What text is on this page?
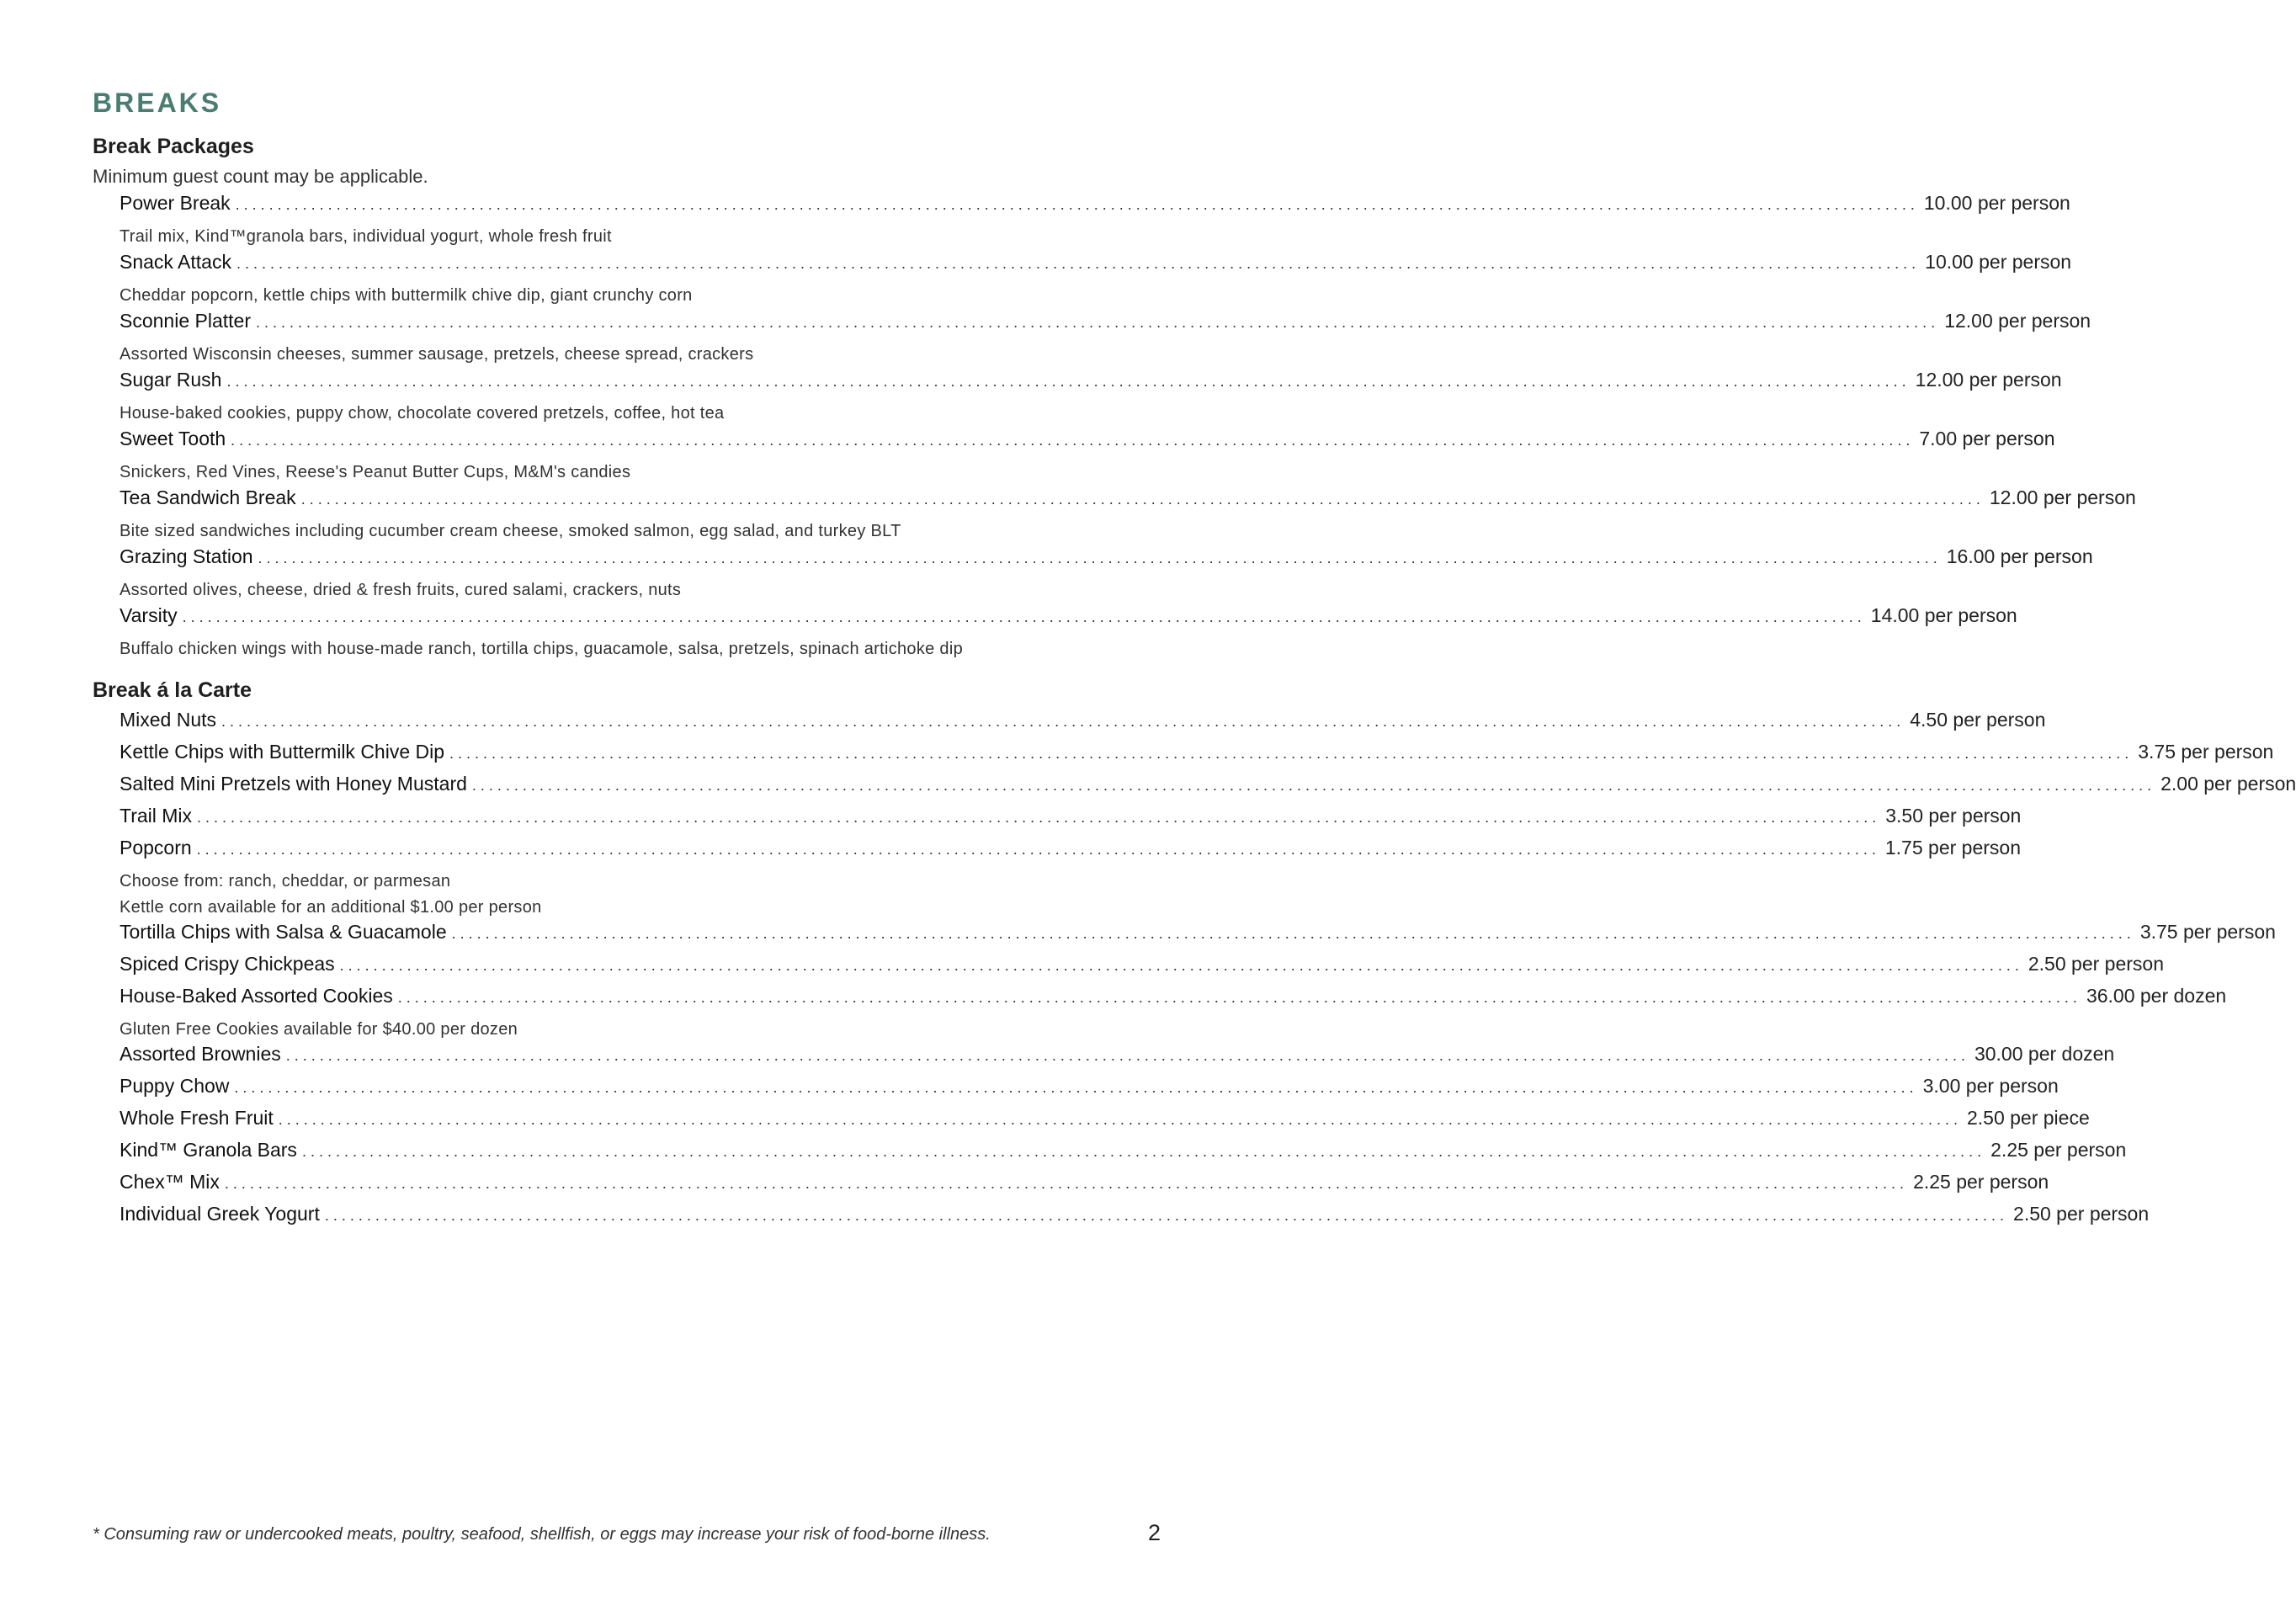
BREAKS
Break Packages

Minimum guest count may be applicable.

Power Break ........................................................................................................................................................................................................ 10.00 per person
Trail mix, Kind™granola bars, individual yogurt, whole fresh fruit
Snack Attack ........................................................................................................................................................................................................ 10.00 per person
Cheddar popcorn, kettle chips with buttermilk chive dip, giant crunchy corn
Sconnie Platter ........................................................................................................................................................................................................ 12.00 per person
Assorted Wisconsin cheeses, summer sausage, pretzels, cheese spread, crackers
Sugar Rush ........................................................................................................................................................................................................ 12.00 per person
House-baked cookies, puppy chow, chocolate covered pretzels, coffee, hot tea
Sweet Tooth ........................................................................................................................................................................................................ 7.00 per person
Snickers, Red Vines, Reese's Peanut Butter Cups, M&M's candies
Tea Sandwich Break ........................................................................................................................................................................................................ 12.00 per person
Bite sized sandwiches including cucumber cream cheese, smoked salmon, egg salad, and turkey BLT
Grazing Station ........................................................................................................................................................................................................ 16.00 per person
Assorted olives, cheese, dried & fresh fruits, cured salami, crackers, nuts
Varsity ........................................................................................................................................................................................................ 14.00 per person
Buffalo chicken wings with house-made ranch, tortilla chips, guacamole, salsa, pretzels, spinach artichoke dip
Break á la Carte
Mixed Nuts ........................................................................................................................................................................................................ 4.50 per person
Kettle Chips with Buttermilk Chive Dip ........................................................................................................................................................................................................ 3.75 per person
Salted Mini Pretzels with Honey Mustard ........................................................................................................................................................................................................ 2.00 per person
Trail Mix ........................................................................................................................................................................................................ 3.50 per person
Popcorn ........................................................................................................................................................................................................ 1.75 per person
Choose from: ranch, cheddar, or parmesan
Kettle corn available for an additional $1.00 per person
Tortilla Chips with Salsa & Guacamole ........................................................................................................................................................................................................ 3.75 per person
Spiced Crispy Chickpeas ........................................................................................................................................................................................................ 2.50 per person
House-Baked Assorted Cookies ........................................................................................................................................................................................................ 36.00 per dozen
Gluten Free Cookies available for $40.00 per dozen
Assorted Brownies ........................................................................................................................................................................................................ 30.00 per dozen
Puppy Chow ........................................................................................................................................................................................................ 3.00 per person
Whole Fresh Fruit ........................................................................................................................................................................................................ 2.50 per piece
Kind™ Granola Bars ........................................................................................................................................................................................................ 2.25 per person
Chex™ Mix ........................................................................................................................................................................................................ 2.25 per person
Individual Greek Yogurt ........................................................................................................................................................................................................ 2.50 per person
* Consuming raw or undercooked meats, poultry, seafood, shellfish, or eggs may increase your risk of food-borne illness.	2
